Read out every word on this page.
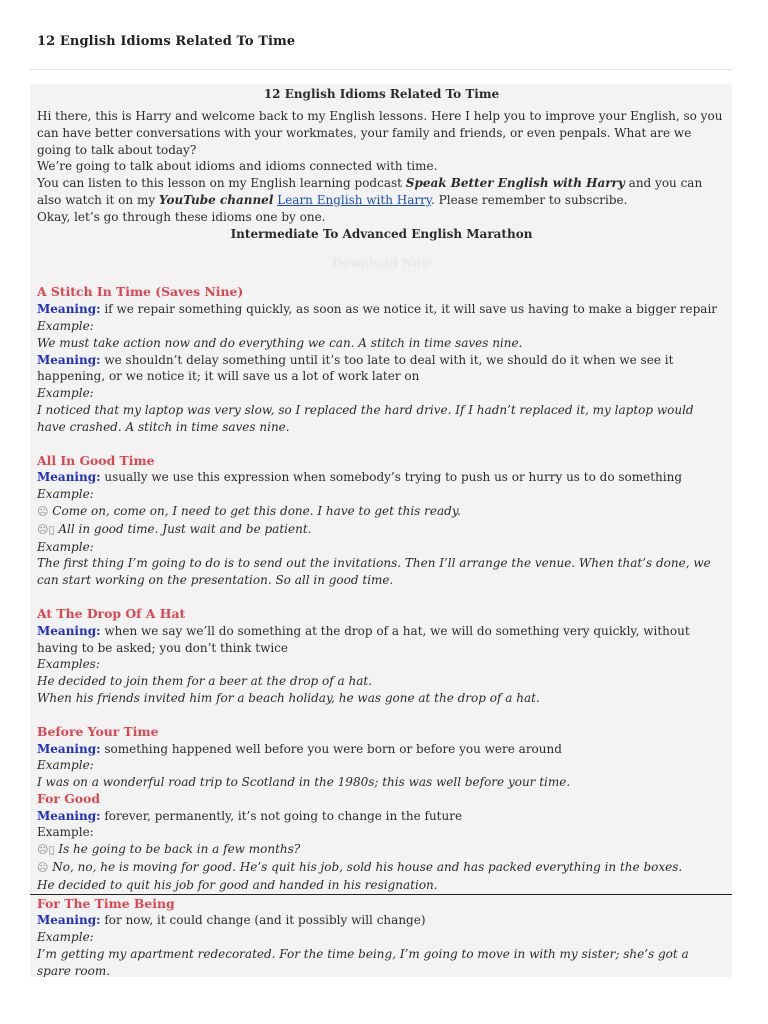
12 English Idioms Related To Time
12 English Idioms Related To Time

Hi there, this is Harry and welcome back to my English lessons. Here I help you to improve your English, so you can have better conversations with your workmates, your family and friends, or even penpals. What are we going to talk about today?

We’re going to talk about idioms and idioms connected with time.

You can listen to this lesson on my English learning podcast Speak Better English with Harry and you can also watch it on my YouTube channel Learn English with Harry. Please remember to subscribe.

Okay, let’s go through these idioms one by one.

Intermediate To Advanced English Marathon
Download Now
A Stitch In Time (Saves Nine)
Meaning: if we repair something quickly, as soon as we notice it, it will save us having to make a bigger repair
Example:
We must take action now and do everything we can. A stitch in time saves nine.
Meaning: we shouldn’t delay something until it’s too late to deal with it, we should do it when we see it happening, or we notice it; it will save us a lot of work later on
Example:
I noticed that my laptop was very slow, so I replaced the hard drive. If I hadn’t replaced it, my laptop would have crashed. A stitch in time saves nine.
All In Good Time
Meaning: usually we use this expression when somebody’s trying to push us or hurry us to do something
Example:
☹ Come on, come on, I need to get this done. I have to get this ready.
☹▯ All in good time. Just wait and be patient.
Example:
The first thing I’m going to do is to send out the invitations. Then I’ll arrange the venue. When that’s done, we can start working on the presentation. So all in good time.
At The Drop Of A Hat
Meaning: when we say we’ll do something at the drop of a hat, we will do something very quickly, without having to be asked; you don’t think twice
Examples:
He decided to join them for a beer at the drop of a hat.
When his friends invited him for a beach holiday, he was gone at the drop of a hat.
Before Your Time
Meaning: something happened well before you were born or before you were around
Example:
I was on a wonderful road trip to Scotland in the 1980s; this was well before your time.
For Good
Meaning: forever, permanently, it’s not going to change in the future
Example:
☹▯ Is he going to be back in a few months?
☹ No, no, he is moving for good. He’s quit his job, sold his house and has packed everything in the boxes.
He decided to quit his job for good and handed in his resignation.
For The Time Being
Meaning: for now, it could change (and it possibly will change)
Example:
I’m getting my apartment redecorated. For the time being, I’m going to move in with my sister; she’s got a spare room.
